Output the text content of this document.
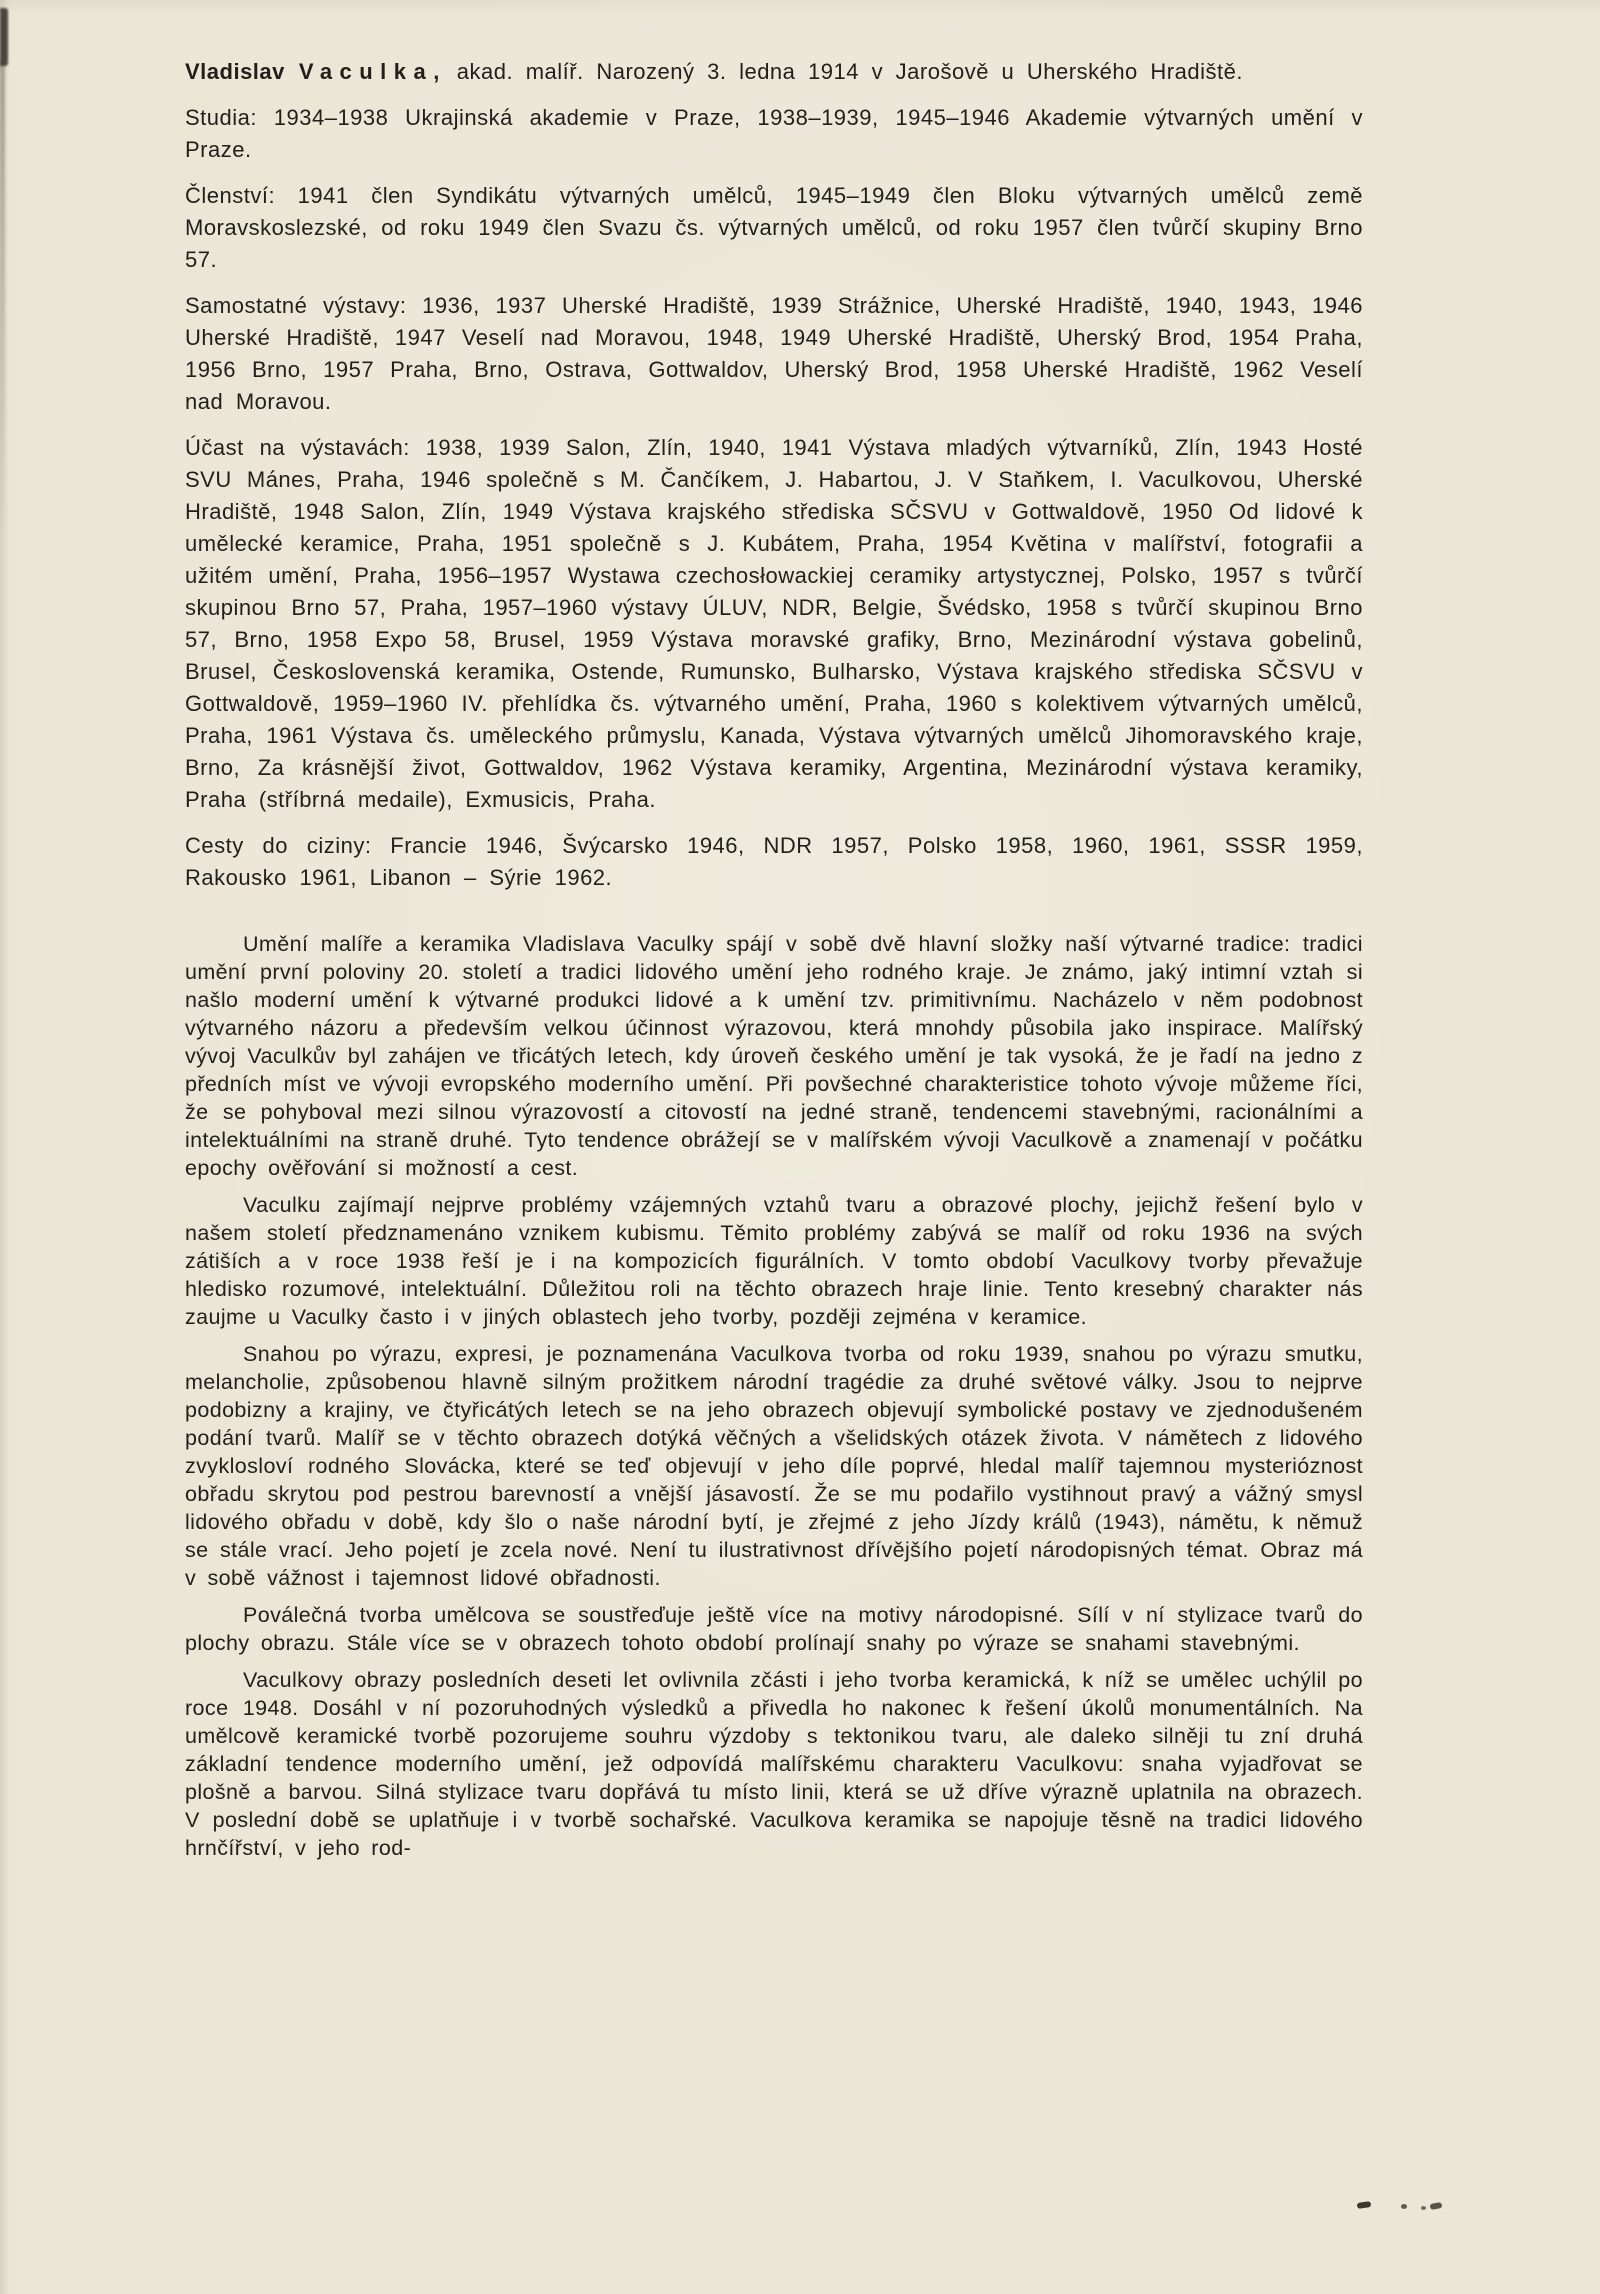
Vladislav Vaculka, akad. malíř. Narozený 3. ledna 1914 v Jarošově u Uherského Hradiště.

Studia: 1934–1938 Ukrajinská akademie v Praze, 1938–1939, 1945–1946 Akademie výtvarných umění v Praze.

Členství: 1941 člen Syndikátu výtvarných umělců, 1945–1949 člen Bloku výtvarných umělců země Moravskoslezské, od roku 1949 člen Svazu čs. výtvarných umělců, od roku 1957 člen tvůrčí skupiny Brno 57.

Samostatné výstavy: 1936, 1937 Uherské Hradiště, 1939 Strážnice, Uherské Hradiště, 1940, 1943, 1946 Uherské Hradiště, 1947 Veselí nad Moravou, 1948, 1949 Uherské Hradiště, Uherský Brod, 1954 Praha, 1956 Brno, 1957 Praha, Brno, Ostrava, Gottwaldov, Uherský Brod, 1958 Uherské Hradiště, 1962 Veselí nad Moravou.

Účast na výstavách: 1938, 1939 Salon, Zlín, 1940, 1941 Výstava mladých výtvarníků, Zlín, 1943 Hosté SVU Mánes, Praha, 1946 společně s M. Čančíkem, J. Habartou, J. V Staňkem, I. Vaculkovou, Uherské Hradiště, 1948 Salon, Zlín, 1949 Výstava krajského střediska SČSVU v Gottwaldově, 1950 Od lidové k umělecké keramice, Praha, 1951 společně s J. Kubátem, Praha, 1954 Květina v malířství, fotografii a užitém umění, Praha, 1956–1957 Wystawa czechosłowackiej ceramiky artystycznej, Polsko, 1957 s tvůrčí skupinou Brno 57, Praha, 1957–1960 výstavy ÚLUV, NDR, Belgie, Švédsko, 1958 s tvůrčí skupinou Brno 57, Brno, 1958 Expo 58, Brusel, 1959 Výstava moravské grafiky, Brno, Mezinárodní výstava gobelinů, Brusel, Československá keramika, Ostende, Rumunsko, Bulharsko, Výstava krajského střediska SČSVU v Gottwaldově, 1959–1960 IV. přehlídka čs. výtvarného umění, Praha, 1960 s kolektivem výtvarných umělců, Praha, 1961 Výstava čs. uměleckého průmyslu, Kanada, Výstava výtvarných umělců Jihomoravského kraje, Brno, Za krásnější život, Gottwaldov, 1962 Výstava keramiky, Argentina, Mezinárodní výstava keramiky, Praha (stříbrná medaile), Exmusicis, Praha.

Cesty do ciziny: Francie 1946, Švýcarsko 1946, NDR 1957, Polsko 1958, 1960, 1961, SSSR 1959, Rakousko 1961, Libanon – Sýrie 1962.

Umění malíře a keramika Vladislava Vaculky spájí v sobě dvě hlavní složky naší výtvarné tradice: tradici umění první poloviny 20. století a tradici lidového umění jeho rodného kraje. Je známo, jaký intimní vztah si našlo moderní umění k výtvarné produkci lidové a k umění tzv. primitivnímu. Nacházelo v něm podobnost výtvarného názoru a především velkou účinnost výrazovou, která mnohdy působila jako inspirace. Malířský vývoj Vaculkův byl zahájen ve třicátých letech, kdy úroveň českého umění je tak vysoká, že je řadí na jedno z předních míst ve vývoji evropského moderního umění. Při povšechné charakteristice tohoto vývoje můžeme říci, že se pohyboval mezi silnou výrazovostí a citovostí na jedné straně, tendencemi stavebnými, racionálními a intelektuálními na straně druhé. Tyto tendence obrážejí se v malířském vývoji Vaculkově a znamenají v počátku epochy ověřování si možností a cest.

Vaculku zajímají nejprve problémy vzájemných vztahů tvaru a obrazové plochy, jejichž řešení bylo v našem století předznamenáno vznikem kubismu. Těmito problémy zabývá se malíř od roku 1936 na svých zátiších a v roce 1938 řeší je i na kompozicích figurálních. V tomto období Vaculkovy tvorby převažuje hledisko rozumové, intelektuální. Důležitou roli na těchto obrazech hraje linie. Tento kresebný charakter nás zaujme u Vaculky často i v jiných oblastech jeho tvorby, později zejména v keramice.

Snahou po výrazu, expresi, je poznamenána Vaculkova tvorba od roku 1939, snahou po výrazu smutku, melancholie, způsobenou hlavně silným prožitkem národní tragédie za druhé světové války. Jsou to nejprve podobizny a krajiny, ve čtyřicátých letech se na jeho obrazech objevují symbolické postavy ve zjednodušeném podání tvarů. Malíř se v těchto obrazech dotýká věčných a všelidských otázek života. V námětech z lidového zvyklosloví rodného Slovácka, které se teď objevují v jeho díle poprvé, hledal malíř tajemnou mysterióznost obřadu skrytou pod pestrou barevností a vnější jásavostí. Že se mu podařilo vystihnout pravý a vážný smysl lidového obřadu v době, kdy šlo o naše národní bytí, je zřejmé z jeho Jízdy králů (1943), námětu, k němuž se stále vrací. Jeho pojetí je zcela nové. Není tu ilustrativnost dřívějšího pojetí národopisných témat. Obraz má v sobě vážnost i tajemnost lidové obřadnosti.

Poválečná tvorba umělcova se soustřeďuje ještě více na motivy národopisné. Sílí v ní stylizace tvarů do plochy obrazu. Stále více se v obrazech tohoto období prolínají snahy po výraze se snahami stavebnými.

Vaculkovy obrazy posledních deseti let ovlivnila zčásti i jeho tvorba keramická, k níž se umělec uchýlil po roce 1948. Dosáhl v ní pozoruhodných výsledků a přivedla ho nakonec k řešení úkolů monumentálních. Na umělcově keramické tvorbě pozorujeme souhru výzdoby s tektonikou tvaru, ale daleko silněji tu zní druhá základní tendence moderního umění, jež odpovídá malířskému charakteru Vaculkovu: snaha vyjadřovat se plošně a barvou. Silná stylizace tvaru dopřává tu místo linii, která se už dříve výrazně uplatnila na obrazech. V poslední době se uplatňuje i v tvorbě sochařské. Vaculkova keramika se napojuje těsně na tradici lidového hrnčířství, v jeho rod-
